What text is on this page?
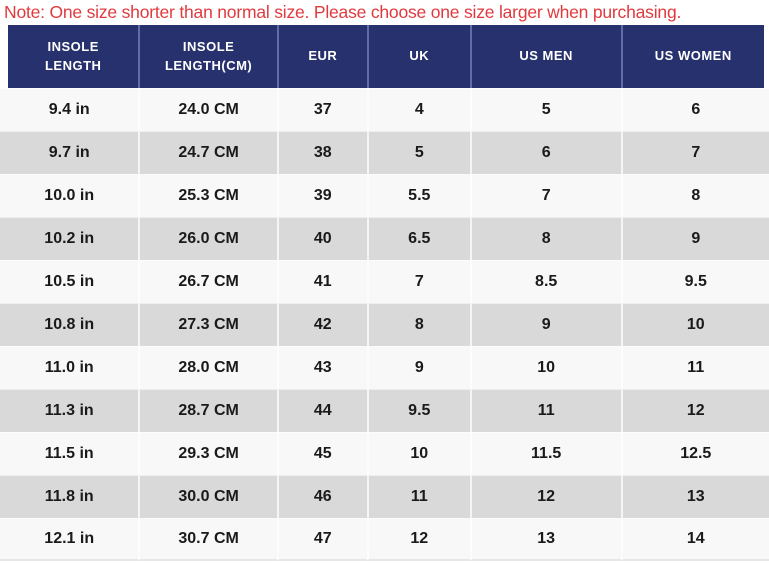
Note: One size shorter than normal size. Please choose one size larger when purchasing.
INSOLE LENGTH	INSOLE LENGTH(CM)	EUR	UK	US MEN	US WOMEN
9.4 in	24.0 CM	37	4	5	6
9.7 in	24.7 CM	38	5	6	7
10.0 in	25.3 CM	39	5.5	7	8
10.2 in	26.0 CM	40	6.5	8	9
10.5 in	26.7 CM	41	7	8.5	9.5
10.8 in	27.3 CM	42	8	9	10
11.0 in	28.0 CM	43	9	10	11
11.3 in	28.7 CM	44	9.5	11	12
11.5 in	29.3 CM	45	10	11.5	12.5
11.8 in	30.0 CM	46	11	12	13
12.1 in	30.7 CM	47	12	13	14
